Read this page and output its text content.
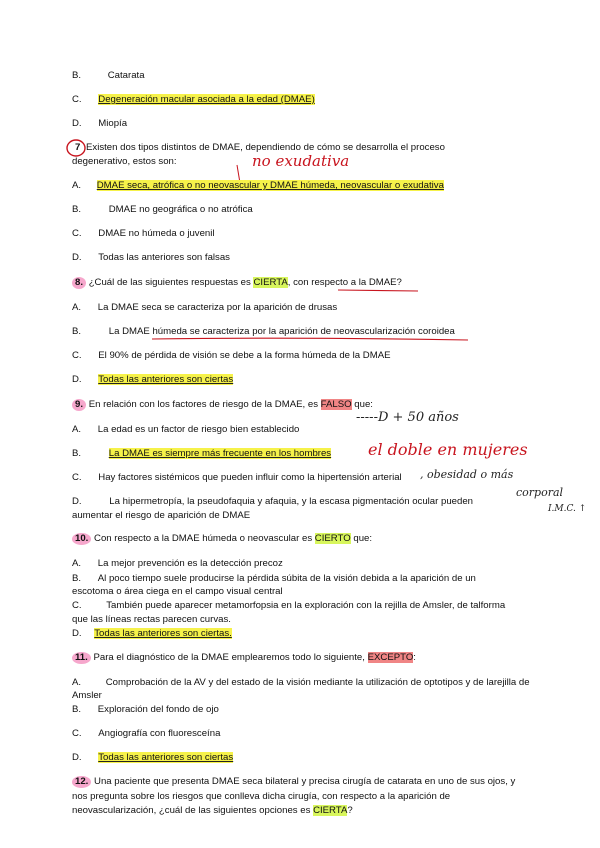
B.	Catarata
C. Degeneración macular asociada a la edad (DMAE)
D. Miopía
7 Existen dos tipos distintos de DMAE, dependiendo de cómo se desarrolla el proceso
degenerativo, estos son:	no exudativa
A. DMAE seca, atrófica o no neovascular y DMAE húmeda, neovascular o exudativa
B.	DMAE no geográfica o no atrófica
C. DMAE no húmeda o juvenil
D. Todas las anteriores son falsas
8. ¿Cuál de las siguientes respuestas es CIERTA, con respecto a la DMAE?
A. La DMAE seca se caracteriza por la aparición de drusas
B.	La DMAE húmeda se caracteriza por la aparición de neovascularización coroidea
C. El 90% de pérdida de visión se debe a la forma húmeda de la DMAE
D. Todas las anteriores son ciertas
9. En relación con los factores de riesgo de la DMAE, es FALSO que:
A. La edad es un factor de riesgo bien establecido
-----D + 50 años
B.	La DMAE es siempre más frecuente en los hombres el doble en mujeres
C. Hay factores sistémicos que pueden influir como la hipertensión arterial , obesidad o más
corporal
I.M.C. ↑
D.	La hipermetropía, la pseudofaquia y afaquia, y la escasa pigmentación ocular pueden
aumentar el riesgo de aparición de DMAE
10. Con respecto a la DMAE húmeda o neovascular es CIERTO que:
A. La mejor prevención es la detección precoz
B. Al poco tiempo suele producirse la pérdida súbita de la visión debida a la aparición de un
escotoma o área ciega en el campo visual central
C.	También puede aparecer metamorfopsia en la exploración con la rejilla de Amsler, de talforma
que las líneas rectas parecen curvas.
D. Todas las anteriores son ciertas.
11. Para el diagnóstico de la DMAE emplearemos todo lo siguiente, EXCEPTO:
A.	Comprobación de la AV y del estado de la visión mediante la utilización de optotipos y de larejilla de
Amsler
B. Exploración del fondo de ojo
C. Angiografía con fluoresceína
D. Todas las anteriores son ciertas
12. Una paciente que presenta DMAE seca bilateral y precisa cirugía de catarata en uno de sus ojos, y
nos pregunta sobre los riesgos que conlleva dicha cirugía, con respecto a la aparición de
neovascularización, ¿cuál de las siguientes opciones es CIERTA?
